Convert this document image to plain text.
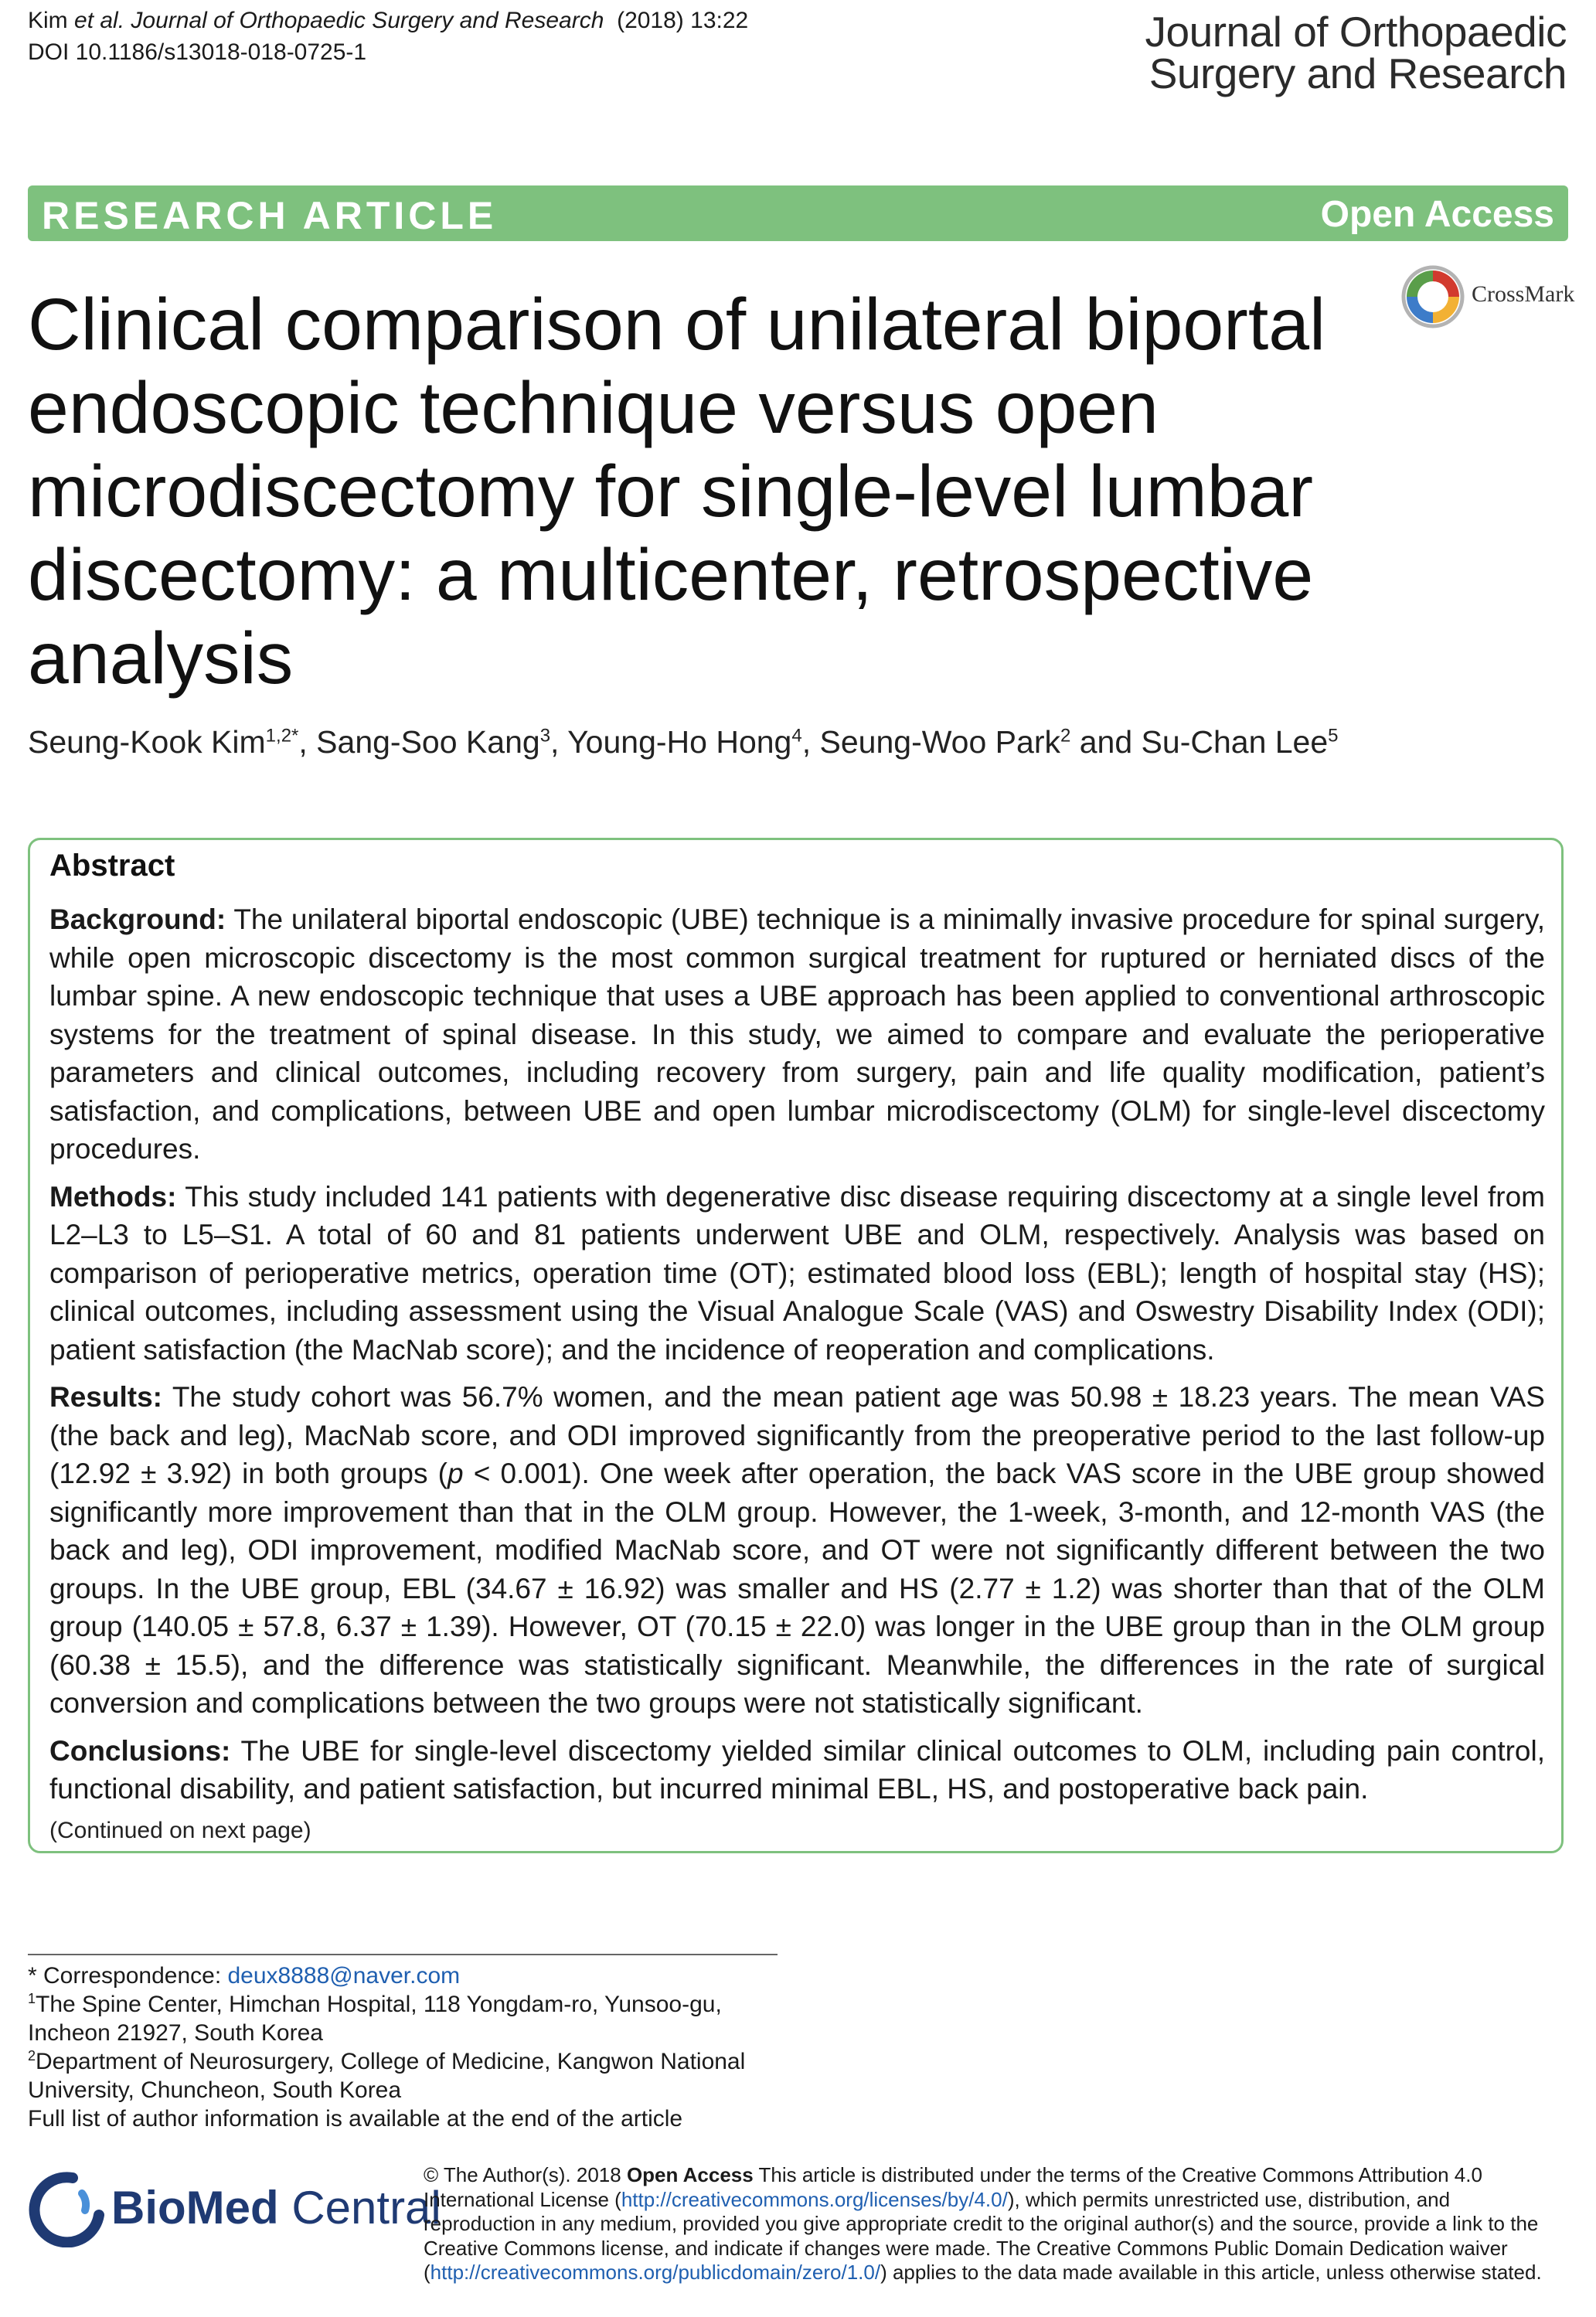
Kim et al. Journal of Orthopaedic Surgery and Research  (2018) 13:22
DOI 10.1186/s13018-018-0725-1	Journal of Orthopaedic
Surgery and Research
RESEARCH ARTICLE	Open Access
CrossMark
Clinical comparison of unilateral biportal endoscopic technique versus open microdiscectomy for single-level lumbar discectomy: a multicenter, retrospective analysis
Seung-Kook Kim$^{1,2*}$, Sang-Soo Kang$^3$, Young-Ho Hong$^4$, Seung-Woo Park$^2$ and Su-Chan Lee$^5$
Abstract

Background: The unilateral biportal endoscopic (UBE) technique is a minimally invasive procedure for spinal surgery, while open microscopic discectomy is the most common surgical treatment for ruptured or herniated discs of the lumbar spine. A new endoscopic technique that uses a UBE approach has been applied to conventional arthroscopic systems for the treatment of spinal disease. In this study, we aimed to compare and evaluate the perioperative parameters and clinical outcomes, including recovery from surgery, pain and life quality modification, patient’s satisfaction, and complications, between UBE and open lumbar microdiscectomy (OLM) for single-level discectomy procedures.

Methods: This study included 141 patients with degenerative disc disease requiring discectomy at a single level from L2–L3 to L5–S1. A total of 60 and 81 patients underwent UBE and OLM, respectively. Analysis was based on comparison of perioperative metrics, operation time (OT); estimated blood loss (EBL); length of hospital stay (HS); clinical outcomes, including assessment using the Visual Analogue Scale (VAS) and Oswestry Disability Index (ODI); patient satisfaction (the MacNab score); and the incidence of reoperation and complications.

Results: The study cohort was 56.7% women, and the mean patient age was 50.98 ± 18.23 years. The mean VAS (the back and leg), MacNab score, and ODI improved significantly from the preoperative period to the last follow-up (12.92 ± 3.92) in both groups (p < 0.001). One week after operation, the back VAS score in the UBE group showed significantly more improvement than that in the OLM group. However, the 1-week, 3-month, and 12-month VAS (the back and leg), ODI improvement, modified MacNab score, and OT were not significantly different between the two groups. In the UBE group, EBL (34.67 ± 16.92) was smaller and HS (2.77 ± 1.2) was shorter than that of the OLM group (140.05 ± 57.8, 6.37 ± 1.39). However, OT (70.15 ± 22.0) was longer in the UBE group than in the OLM group (60.38 ± 15.5), and the difference was statistically significant. Meanwhile, the differences in the rate of surgical conversion and complications between the two groups were not statistically significant.

Conclusions: The UBE for single-level discectomy yielded similar clinical outcomes to OLM, including pain control, functional disability, and patient satisfaction, but incurred minimal EBL, HS, and postoperative back pain.

(Continued on next page)

* Correspondence: deux8888@naver.com

$^1$The Spine Center, Himchan Hospital, 118 Yongdam-ro, Yunsoo-gu, Incheon 21927, South Korea

$^2$Department of Neurosurgery, College of Medicine, Kangwon National University, Chuncheon, South Korea

Full list of author information is available at the end of the article

BioMed Central
© The Author(s). 2018 Open Access This article is distributed under the terms of the Creative Commons Attribution 4.0 International License (http://creativecommons.org/licenses/by/4.0/), which permits unrestricted use, distribution, and reproduction in any medium, provided you give appropriate credit to the original author(s) and the source, provide a link to the Creative Commons license, and indicate if changes were made. The Creative Commons Public Domain Dedication waiver (http://creativecommons.org/publicdomain/zero/1.0/) applies to the data made available in this article, unless otherwise stated.
